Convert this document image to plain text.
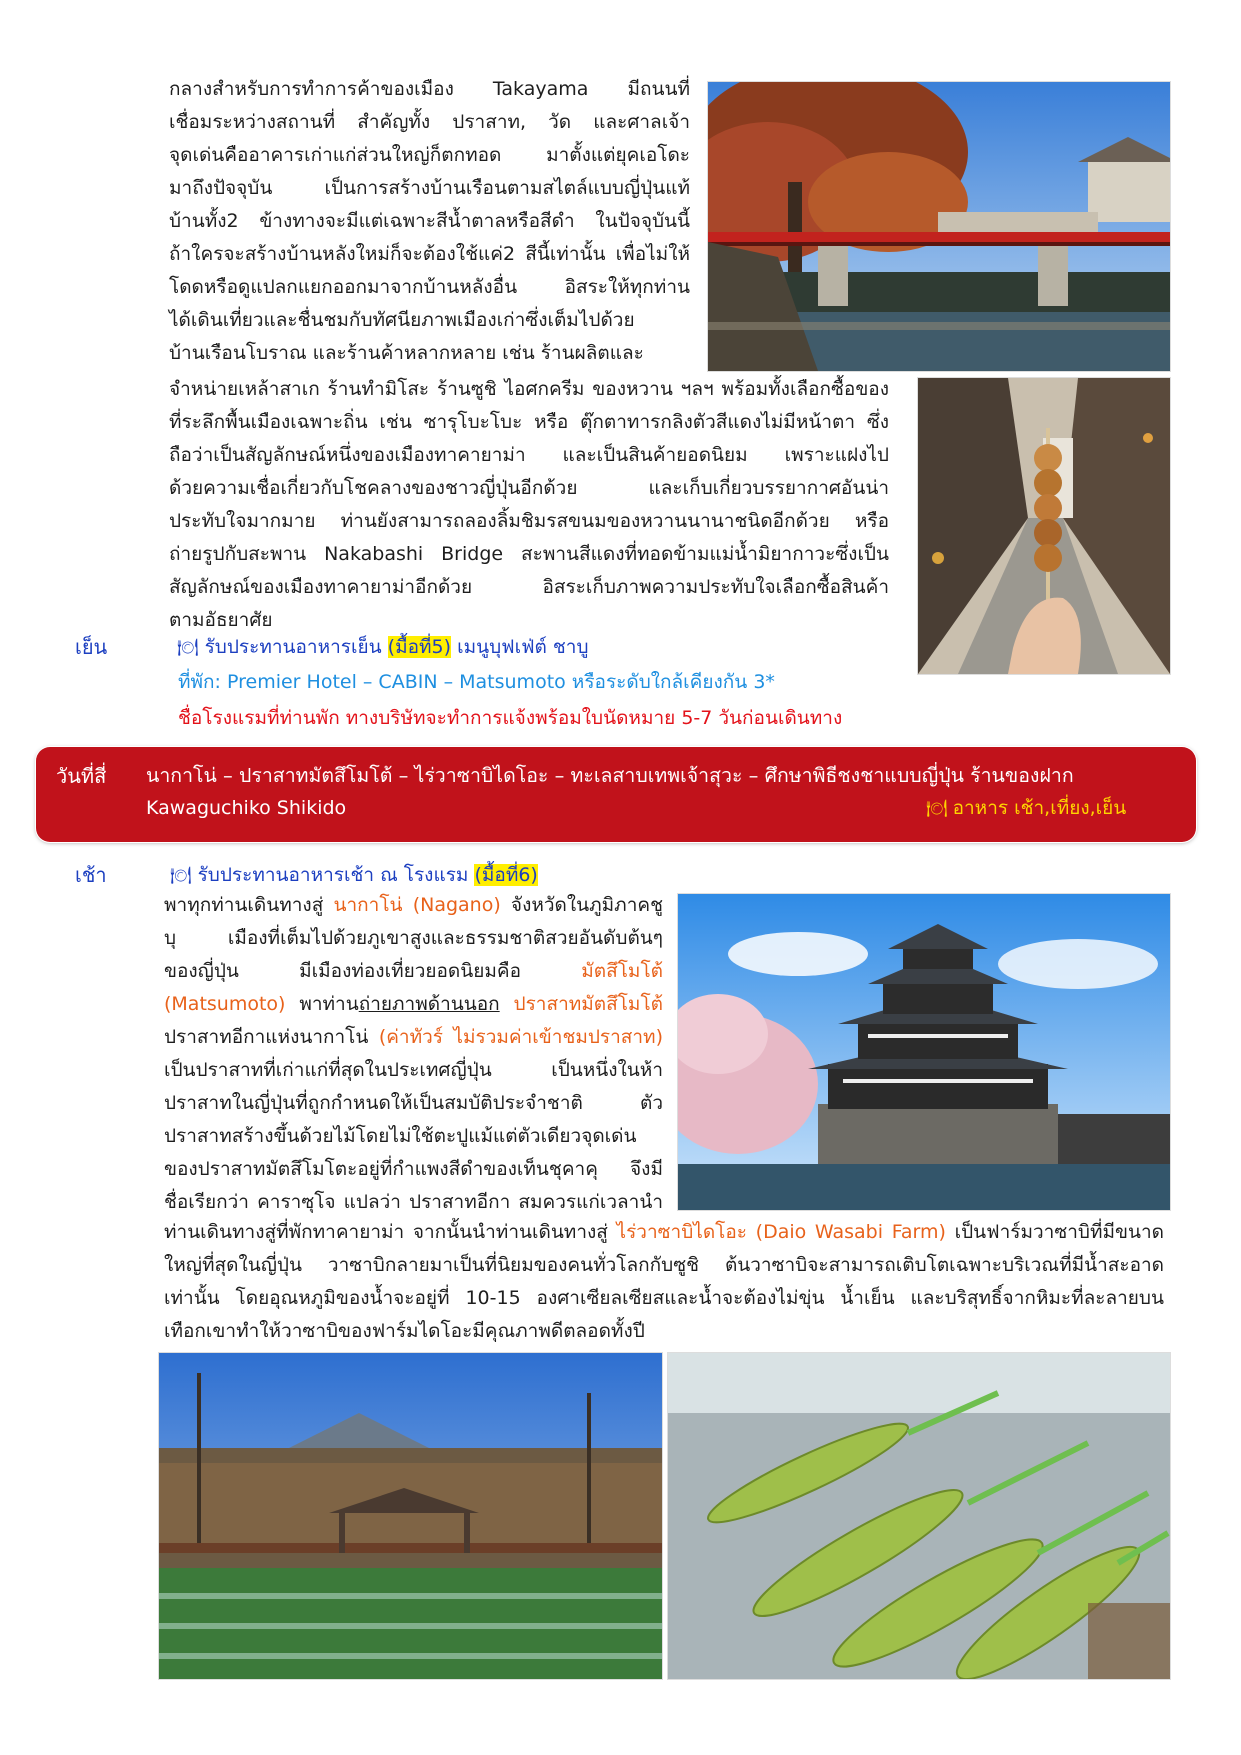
กลางสำหรับการทำการค้าของเมือง Takayama มีถนนที่
เชื่อมระหว่างสถานที่ สำคัญทั้ง ปราสาท, วัด และศาลเจ้า
จุดเด่นคืออาคารเก่าแก่ส่วนใหญ่ก็ตกทอด มาตั้งแต่ยุคเอโดะ
มาถึงปัจจุบัน เป็นการสร้างบ้านเรือนตามสไตล์แบบญี่ปุ่นแท้
บ้านทั้ง2 ข้างทางจะมีแต่เฉพาะสีน้ำตาลหรือสีดำ ในปัจจุบันนี้
ถ้าใครจะสร้างบ้านหลังใหม่ก็จะต้องใช้แค่2 สีนี้เท่านั้น เพื่อไม่ให้
โดดหรือดูแปลกแยกออกมาจากบ้านหลังอื่น อิสระให้ทุกท่าน
ได้เดินเที่ยวและชื่นชมกับทัศนียภาพเมืองเก่าซึ่งเต็มไปด้วย
บ้านเรือนโบราณ และร้านค้าหลากหลาย เช่น ร้านผลิตและ
จำหน่ายเหล้าสาเก ร้านทำมิโสะ ร้านซูชิ ไอศกครีม ของหวาน ฯลฯ พร้อมทั้งเลือกซื้อของ
ที่ระลึกพื้นเมืองเฉพาะถิ่น เช่น ซารุโบะโบะ หรือ ตุ๊กตาทารกลิงตัวสีแดงไม่มีหน้าตา ซึ่ง
ถือว่าเป็นสัญลักษณ์หนึ่งของเมืองทาคายาม่า และเป็นสินค้ายอดนิยม เพราะแฝงไป
ด้วยความเชื่อเกี่ยวกับโชคลางของชาวญี่ปุ่นอีกด้วย และเก็บเกี่ยวบรรยากาศอันน่า
ประทับใจมากมาย ท่านยังสามารถลองลิ้มชิมรสขนมของหวานนานาชนิดอีกด้วย หรือ
ถ่ายรูปกับสะพาน Nakabashi Bridge สะพานสีแดงที่ทอดข้ามแม่น้ำมิยากาวะซึ่งเป็น
สัญลักษณ์ของเมืองทาคายาม่าอีกด้วย อิสระเก็บภาพความประทับใจเลือกซื้อสินค้า
ตามอัธยาศัย
เย็น	🍽 รับประทานอาหารเย็น (มื้อที่5) เมนูบุฟเฟ่ต์ ชาบู
ที่พัก: Premier Hotel – CABIN – Matsumoto หรือระดับใกล้เคียงกัน 3*
ชื่อโรงแรมที่ท่านพัก ทางบริษัทจะทำการแจ้งพร้อมใบนัดหมาย 5-7 วันก่อนเดินทาง
วันที่สี่ นากาโน่ – ปราสาทมัตสึโมโต้ – ไร่วาซาบิไดโอะ – ทะเลสาบเทพเจ้าสุวะ – ศึกษาพิธีชงชาแบบญี่ปุ่น ร้านของฝาก
Kawaguchiko Shikido	🍽 อาหาร เช้า,เที่ยง,เย็น
เช้า	🍽 รับประทานอาหารเช้า ณ โรงแรม (มื้อที่6)
พาทุกท่านเดินทางสู่ นากาโน่ (Nagano) จังหวัดในภูมิภาคชู
บุ เมืองที่เต็มไปด้วยภูเขาสูงและธรรมชาติสวยอันดับต้นๆ
ของญี่ปุ่น มีเมืองท่องเที่ยวยอดนิยมคือ มัตสึโมโต้
(Matsumoto) พาท่านถ่ายภาพด้านนอก ปราสาทมัตสึโมโต้
ปราสาทอีกาแห่งนากาโน่ (ค่าทัวร์ ไม่รวมค่าเข้าชมปราสาท)
เป็นปราสาทที่เก่าแก่ที่สุดในประเทศญี่ปุ่น เป็นหนึ่งในห้า
ปราสาทในญี่ปุ่นที่ถูกกำหนดให้เป็นสมบัติประจำชาติ ตัว
ปราสาทสร้างขึ้นด้วยไม้โดยไม่ใช้ตะปูแม้แต่ตัวเดียวจุดเด่น
ของปราสาทมัตสึโมโตะอยู่ที่กำแพงสีดำของเท็นชุคาคุ จึงมี
ชื่อเรียกว่า คาราซุโจ แปลว่า ปราสาทอีกา สมควรแก่เวลานำ
ท่านเดินทางสู่ที่พักทาคายาม่า จากนั้นนำท่านเดินทางสู่ ไร่วาซาบิไดโอะ (Daio Wasabi Farm) เป็นฟาร์มวาซาบิที่มีขนาด
ใหญ่ที่สุดในญี่ปุ่น วาซาบิกลายมาเป็นที่นิยมของคนทั่วโลกกับซูชิ ต้นวาซาบิจะสามารถเติบโตเฉพาะบริเวณที่มีน้ำสะอาด
เท่านั้น โดยอุณหภูมิของน้ำจะอยู่ที่ 10-15 องศาเซียลเซียสและน้ำจะต้องไม่ขุ่น น้ำเย็น และบริสุทธิ์จากหิมะที่ละลายบน
เทือกเขาทำให้วาซาบิของฟาร์มไดโอะมีคุณภาพดีตลอดทั้งปี
